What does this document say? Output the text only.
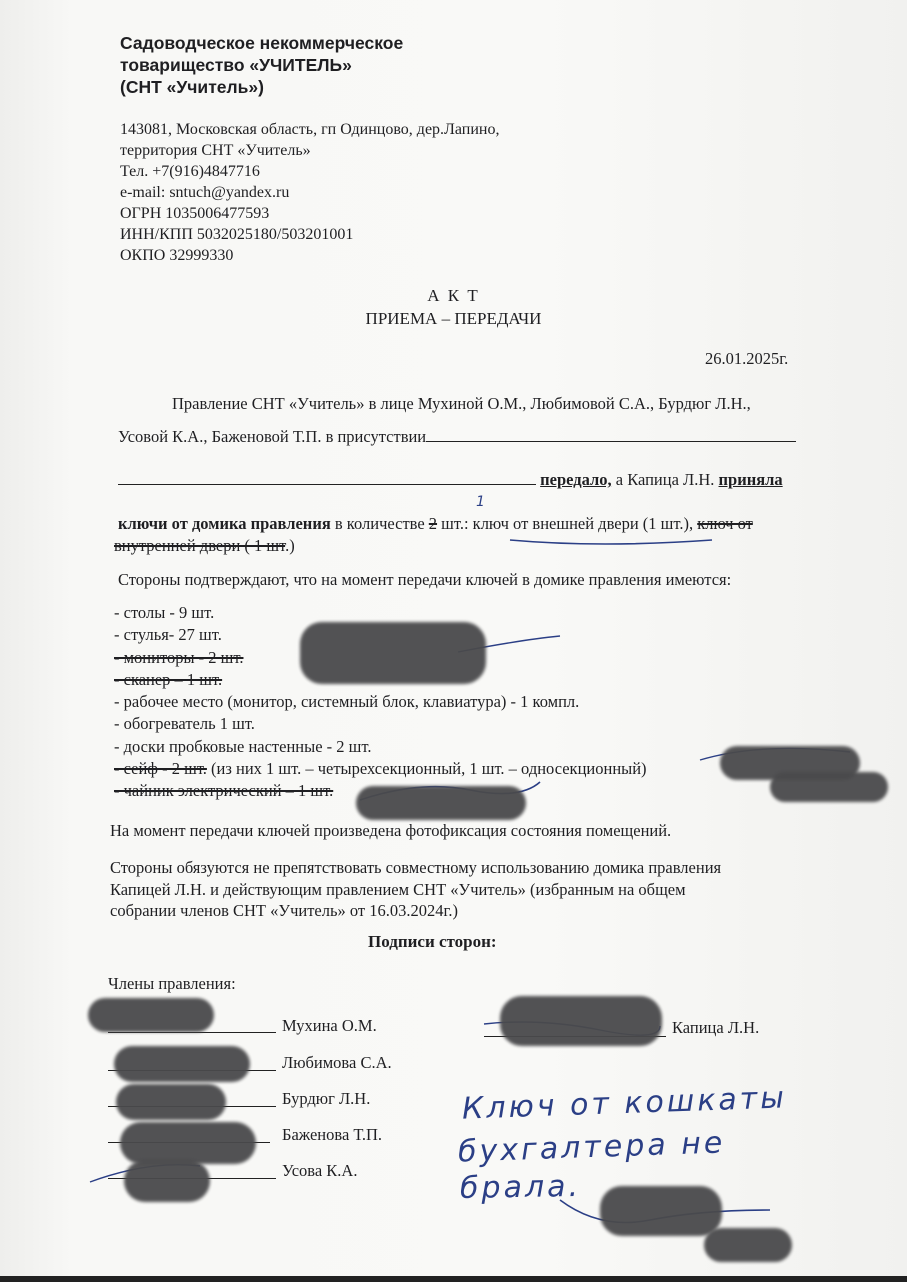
Садоводческое некоммерческое
товарищество «УЧИТЕЛЬ»
(СНТ «Учитель»)
143081, Московская область, гп Одинцово, дер.Лапино,
территория СНТ «Учитель»
Тел. +7(916)4847716
e-mail: sntuch@yandex.ru
ОГРН 1035006477593
ИНН/КПП 5032025180/503201001
ОКПО 32999330
А К Т
ПРИЕМА – ПЕРЕДАЧИ
26.01.2025г.
Правление СНТ «Учитель» в лице Мухиной О.М., Любимовой С.А., Бурдюг Л.Н.,
Усовой К.А., Баженовой Т.П. в присутствии
передало, а Капица Л.Н. приняла
ключи от домика правления в количестве 2 шт.: ключ от внешней двери (1 шт.), ключ от
внутренней двери ( 1 шт.)
1
Стороны подтверждают, что на момент передачи ключей в домике правления имеются:
- столы - 9 шт.
- стулья- 27 шт.
- мониторы - 2 шт.
- сканер – 1 шт.
- рабочее место (монитор, системный блок, клавиатура) - 1 компл.
- обогреватель 1 шт.
- доски пробковые настенные - 2 шт.
- сейф - 2 шт. (из них 1 шт. – четырехсекционный, 1 шт. – односекционный)
- чайник электрический – 1 шт.
На момент передачи ключей произведена фотофиксация состояния помещений.
Стороны обязуются не препятствовать совместному использованию домика правления
Капицей Л.Н. и действующим правлением СНТ «Учитель» (избранным на общем
собрании членов СНТ «Учитель» от 16.03.2024г.)
Подписи сторон:
Члены правления:
Мухина О.М.
Любимова С.А.
Бурдюг Л.Н.
Баженова Т.П.
Усова К.А.
Капица Л.Н.
Ключ от кошкаты
бухгалтера не
брала.
